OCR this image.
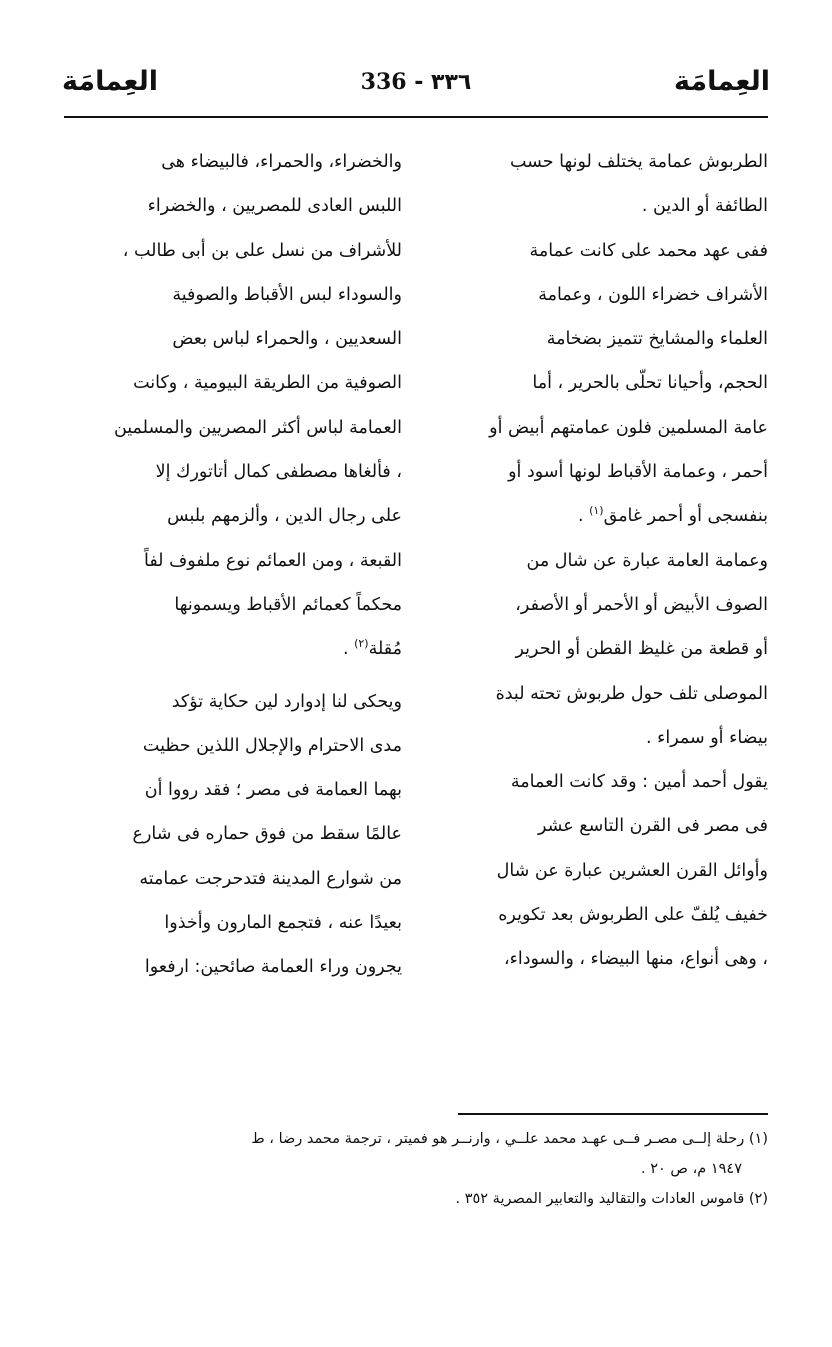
العِمامَة
336 - ٣٣٦
العِمامَة
الطربوش عمامة يختلف لونها حسب
الطائفة أو الدين .
ففى عهد محمد على كانت عمامة
الأشراف خضراء اللون ، وعمامة
العلماء والمشايخ تتميز بضخامة
الحجم، وأحيانا تحلّى بالحرير ، أما
عامة المسلمين فلون عمامتهم أبيض أو
أحمر ، وعمامة الأقباط لونها أسود أو
بنفسجى أو أحمر غامق$^{(١)}$ .
وعمامة العامة عبارة عن شال من
الصوف الأبيض أو الأحمر أو الأصفر،
أو قطعة من غليظ القطن أو الحرير
الموصلى تلف حول طربوش تحته لبدة
بيضاء أو سمراء .
يقول أحمد أمين : وقد كانت العمامة
فى مصر فى القرن التاسع عشر
وأوائل القرن العشرين عبارة عن شال
خفيف يُلفّ على الطربوش بعد تكويره
، وهى أنواع، منها البيضاء ، والسوداء،
والخضراء، والحمراء، فالبيضاء هى
اللبس العادى للمصريين ، والخضراء
للأشراف من نسل على بن أبى طالب ،
والسوداء لبس الأقباط والصوفية
السعديين ، والحمراء لباس بعض
الصوفية من الطريقة البيومية ، وكانت
العمامة لباس أكثر المصريين والمسلمين
، فألغاها مصطفى كمال أتاتورك إلا
على رجال الدين ، وألزمهم بلبس
القبعة ، ومن العمائم نوع ملفوف لفاً
محكماً كعمائم الأقباط ويسمونها
مُقلة$^{(٢)}$ .
ويحكى لنا إدوارد لين حكاية تؤكد
مدى الاحترام والإجلال اللذين حظيت
بهما العمامة فى مصر ؛ فقد رووا أن
عالمًا سقط من فوق حماره فى شارع
من شوارع المدينة فتدحرجت عمامته
بعيدًا عنه ، فتجمع المارون وأخذوا
يجرون وراء العمامة صائحين: ارفعوا
(١) رحلة إلــى مصـر فــى عهـد محمد علــي ، وارنــر هو فميتر ، ترجمة محمد رضا ، ط
١٩٤٧ م، ص ٢٠ .
(٢) قاموس العادات والتقاليد والتعابير المصرية ٣٥٢ .
